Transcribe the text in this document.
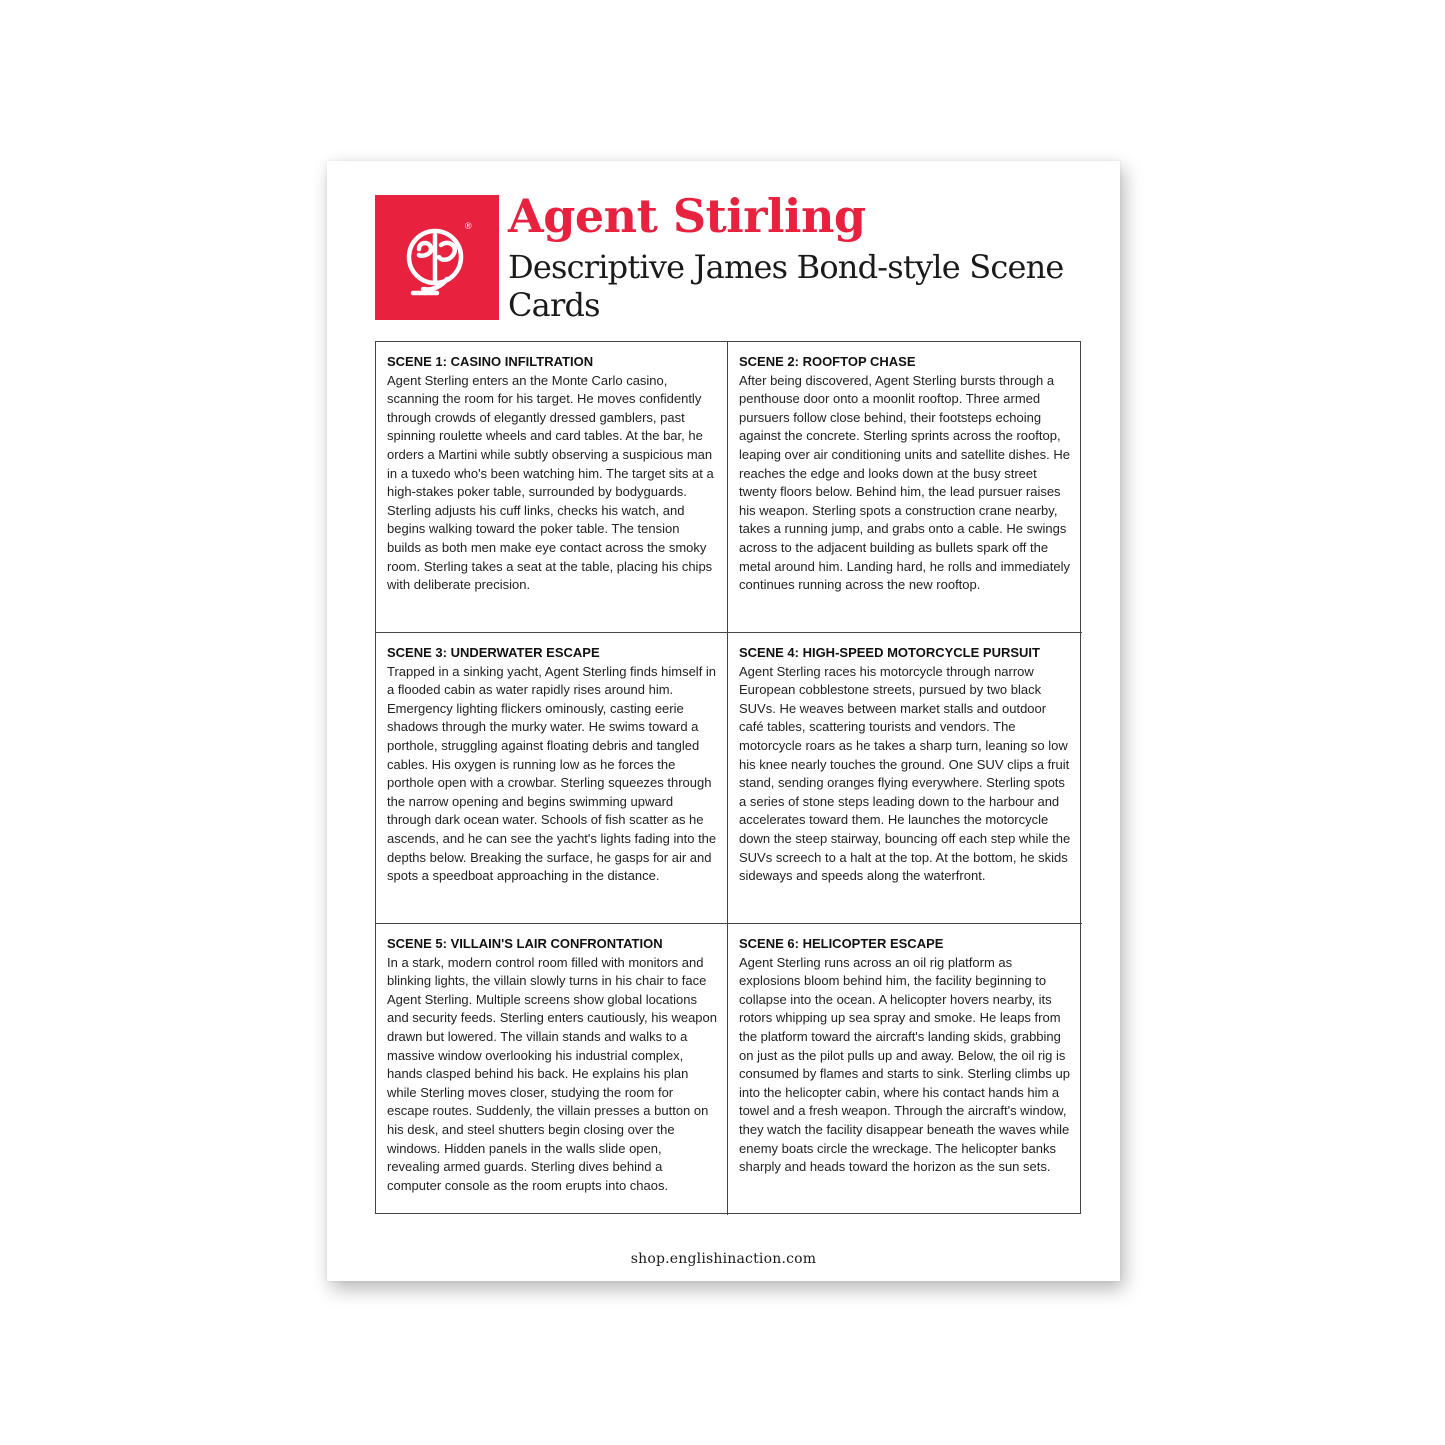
® Agent Stirling
Descriptive James Bond-style Scene Cards

SCENE 1: CASINO INFILTRATION

Agent Sterling enters an the Monte Carlo casino, scanning the room for his target. He moves confidently through crowds of elegantly dressed gamblers, past spinning roulette wheels and card tables. At the bar, he orders a Martini while subtly observing a suspicious man in a tuxedo who's been watching him. The target sits at a high-stakes poker table, surrounded by bodyguards. Sterling adjusts his cuff links, checks his watch, and begins walking toward the poker table. The tension builds as both men make eye contact across the smoky room. Sterling takes a seat at the table, placing his chips with deliberate precision.

SCENE 2: ROOFTOP CHASE

After being discovered, Agent Sterling bursts through a penthouse door onto a moonlit rooftop. Three armed pursuers follow close behind, their footsteps echoing against the concrete. Sterling sprints across the rooftop, leaping over air conditioning units and satellite dishes. He reaches the edge and looks down at the busy street twenty floors below. Behind him, the lead pursuer raises his weapon. Sterling spots a construction crane nearby, takes a running jump, and grabs onto a cable. He swings across to the adjacent building as bullets spark off the metal around him. Landing hard, he rolls and immediately continues running across the new rooftop.

SCENE 3: UNDERWATER ESCAPE

Trapped in a sinking yacht, Agent Sterling finds himself in a flooded cabin as water rapidly rises around him. Emergency lighting flickers ominously, casting eerie shadows through the murky water. He swims toward a porthole, struggling against floating debris and tangled cables. His oxygen is running low as he forces the porthole open with a crowbar. Sterling squeezes through the narrow opening and begins swimming upward through dark ocean water. Schools of fish scatter as he ascends, and he can see the yacht's lights fading into the depths below. Breaking the surface, he gasps for air and spots a speedboat approaching in the distance.

SCENE 4: HIGH-SPEED MOTORCYCLE PURSUIT

Agent Sterling races his motorcycle through narrow European cobblestone streets, pursued by two black SUVs. He weaves between market stalls and outdoor café tables, scattering tourists and vendors. The motorcycle roars as he takes a sharp turn, leaning so low his knee nearly touches the ground. One SUV clips a fruit stand, sending oranges flying everywhere. Sterling spots a series of stone steps leading down to the harbour and accelerates toward them. He launches the motorcycle down the steep stairway, bouncing off each step while the SUVs screech to a halt at the top. At the bottom, he skids sideways and speeds along the waterfront.

SCENE 5: VILLAIN'S LAIR CONFRONTATION

In a stark, modern control room filled with monitors and blinking lights, the villain slowly turns in his chair to face Agent Sterling. Multiple screens show global locations and security feeds. Sterling enters cautiously, his weapon drawn but lowered. The villain stands and walks to a massive window overlooking his industrial complex, hands clasped behind his back. He explains his plan while Sterling moves closer, studying the room for escape routes. Suddenly, the villain presses a button on his desk, and steel shutters begin closing over the windows. Hidden panels in the walls slide open, revealing armed guards. Sterling dives behind a computer console as the room erupts into chaos.

SCENE 6: HELICOPTER ESCAPE

Agent Sterling runs across an oil rig platform as explosions bloom behind him, the facility beginning to collapse into the ocean. A helicopter hovers nearby, its rotors whipping up sea spray and smoke. He leaps from the platform toward the aircraft's landing skids, grabbing on just as the pilot pulls up and away. Below, the oil rig is consumed by flames and starts to sink. Sterling climbs up into the helicopter cabin, where his contact hands him a towel and a fresh weapon. Through the aircraft's window, they watch the facility disappear beneath the waves while enemy boats circle the wreckage. The helicopter banks sharply and heads toward the horizon as the sun sets.

shop.englishinaction.com
